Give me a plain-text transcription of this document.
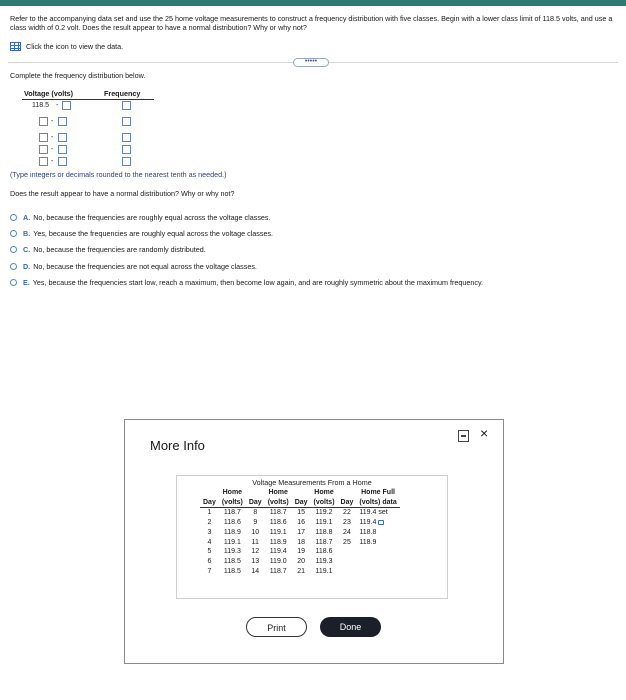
Refer to the accompanying data set and use the 25 home voltage measurements to construct a frequency distribution with five classes. Begin with a lower class limit of 118.5 volts, and use a class width of 0.2 volt. Does the result appear to have a normal distribution? Why or why not?
Click the icon to view the data.
•••••
Complete the frequency distribution below.
Voltage (volts)	Frequency
118.5 -
-
-
-
-
(Type integers or decimals rounded to the nearest tenth as needed.)
Does the result appear to have a normal distribution? Why or why not?
A. No, because the frequencies are roughly equal across the voltage classes.
B. Yes, because the frequencies are roughly equal across the voltage classes.
C. No, because the frequencies are randomly distributed.
D. No, because the frequencies are not equal across the voltage classes.
E. Yes, because the frequencies start low, reach a maximum, then become low again, and are roughly symmetric about the maximum frequency.
More Info
×
Voltage Measurements From a Home
	Home		Home		Home		Home Full
Day	(volts)	Day	(volts)	Day	(volts)	Day	(volts) data
1	118.7	8	118.7	15	119.2	22	119.4 set
2	118.6	9	118.6	16	119.1	23	119.4
3	118.9	10	119.1	17	118.8	24	118.8
4	119.1	11	118.9	18	118.7	25	118.9
5	119.3	12	119.4	19	118.6		
6	118.5	13	119.0	20	119.3		
7	118.5	14	118.7	21	119.1		
Print	Done
